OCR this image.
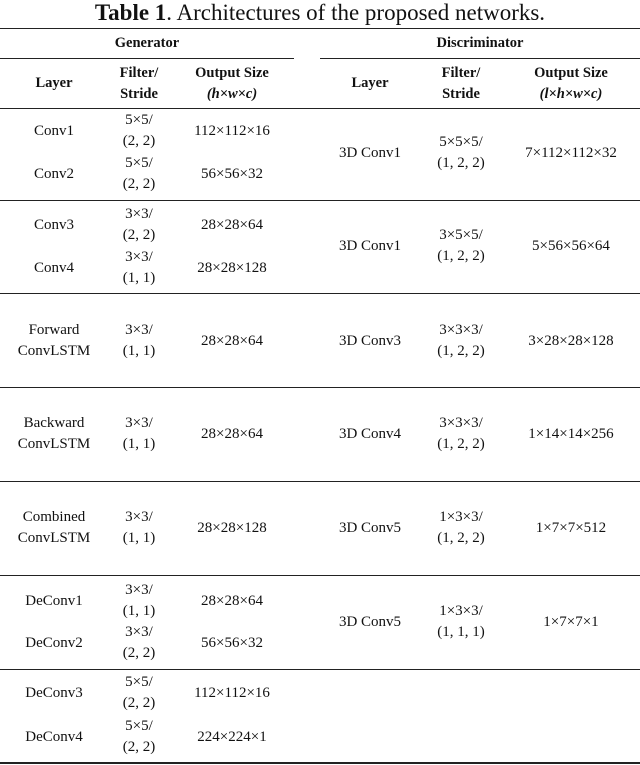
Table 1. Architectures of the proposed networks.
Generator	Discriminator
Layer
Filter/
Stride
Output Size
(h×w×c)
Layer
Filter/
Stride
Output Size
(l×h×w×c)
Conv1
5×5/
(2, 2)
112×112×16
Conv2
5×5/
(2, 2)
56×56×32
Conv3
3×3/
(2, 2)
28×28×64
Conv4
3×3/
(1, 1)
28×28×128
Forward
ConvLSTM
3×3/
(1, 1)
28×28×64
Backward
ConvLSTM
3×3/
(1, 1)
28×28×64
Combined
ConvLSTM
3×3/
(1, 1)
28×28×128
DeConv1
3×3/
(1, 1)
28×28×64
DeConv2
3×3/
(2, 2)
56×56×32
DeConv3
5×5/
(2, 2)
112×112×16
DeConv4
5×5/
(2, 2)
224×224×1
3D Conv1
5×5×5/
(1, 2, 2)
7×112×112×32
3D Conv1
3×5×5/
(1, 2, 2)
5×56×56×64
3D Conv3
3×3×3/
(1, 2, 2)
3×28×28×128
3D Conv4
3×3×3/
(1, 2, 2)
1×14×14×256
3D Conv5
1×3×3/
(1, 2, 2)
1×7×7×512
3D Conv5
1×3×3/
(1, 1, 1)
1×7×7×1
